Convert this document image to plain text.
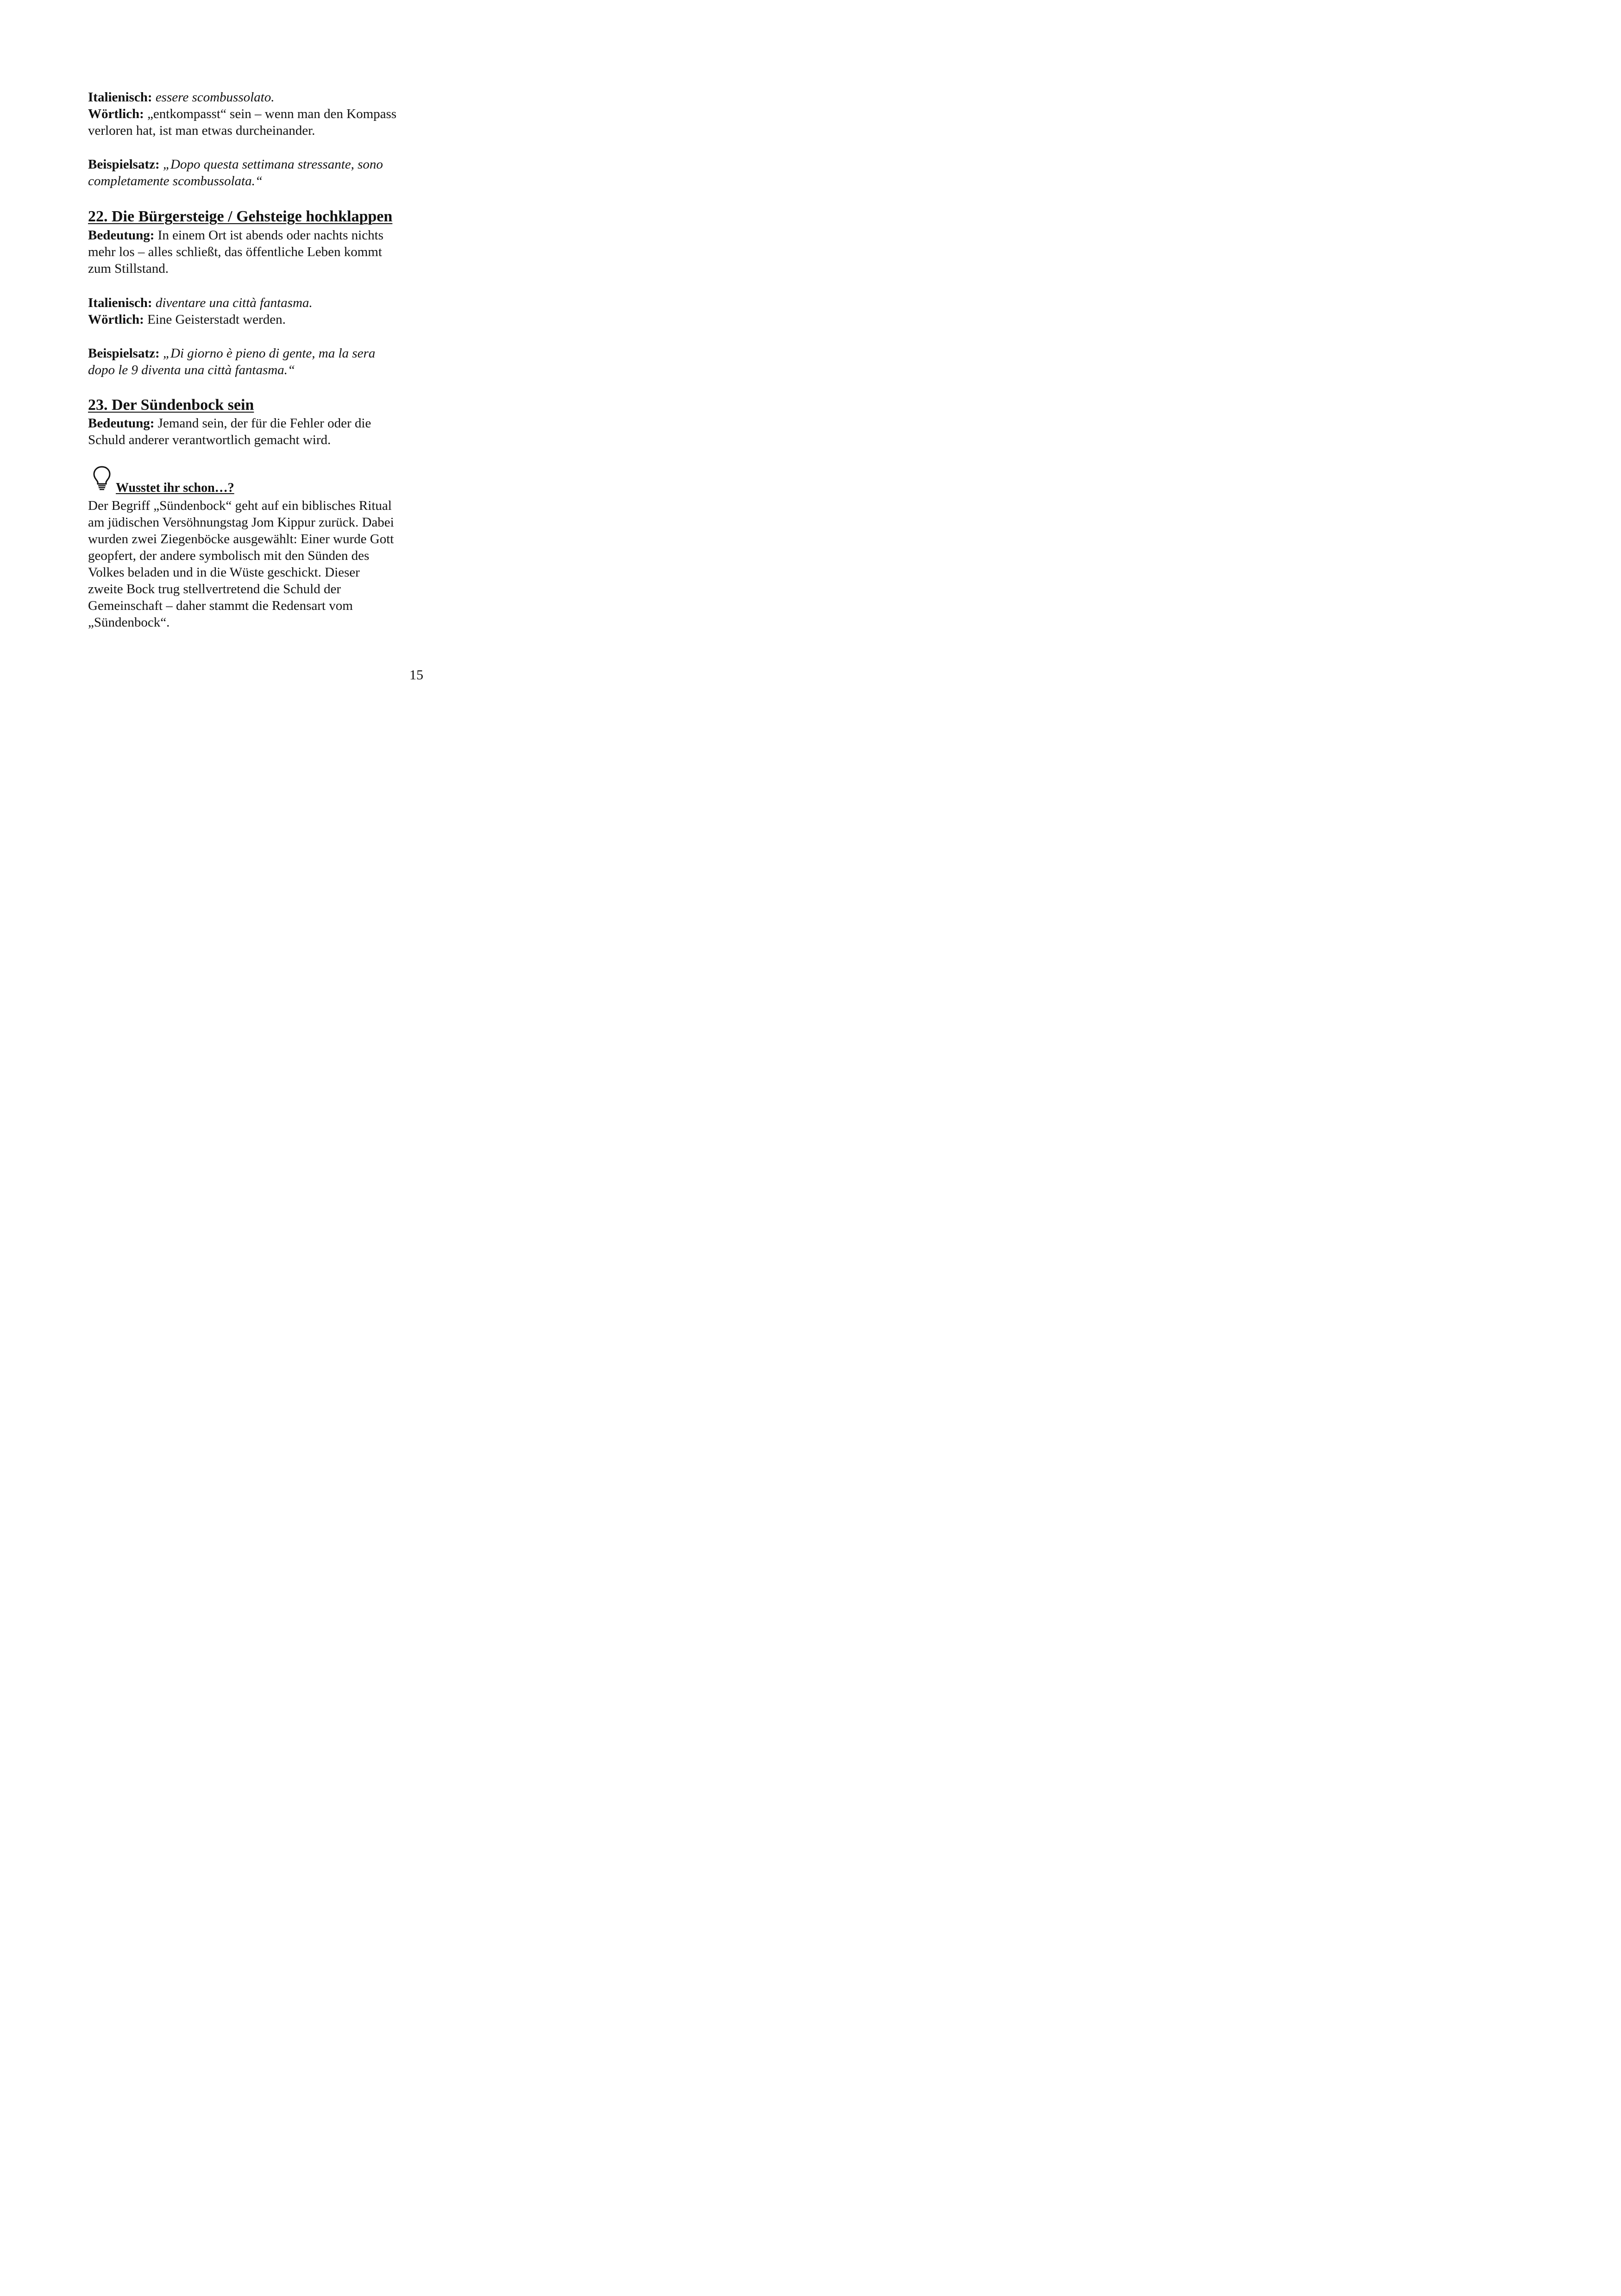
Italienisch: essere scombussolato.
Wörtlich: „entkompasst“ sein – wenn man den Kompass
verloren hat, ist man etwas durcheinander.
Beispielsatz: „Dopo questa settimana stressante, sono
completamente scombussolata.“
22. Die Bürgersteige / Gehsteige hochklappen
Bedeutung: In einem Ort ist abends oder nachts nichts
mehr los – alles schließt, das öffentliche Leben kommt
zum Stillstand.
Italienisch: diventare una città fantasma.
Wörtlich: Eine Geisterstadt werden.
Beispielsatz: „Di giorno è pieno di gente, ma la sera
dopo le 9 diventa una città fantasma.“
23. Der Sündenbock sein
Bedeutung: Jemand sein, der für die Fehler oder die
Schuld anderer verantwortlich gemacht wird.
Wusstet ihr schon…?
Der Begriff „Sündenbock“ geht auf ein biblisches Ritual
am jüdischen Versöhnungstag Jom Kippur zurück. Dabei
wurden zwei Ziegenböcke ausgewählt: Einer wurde Gott
geopfert, der andere symbolisch mit den Sünden des
Volkes beladen und in die Wüste geschickt. Dieser
zweite Bock trug stellvertretend die Schuld der
Gemeinschaft – daher stammt die Redensart vom
„Sündenbock“.
15
